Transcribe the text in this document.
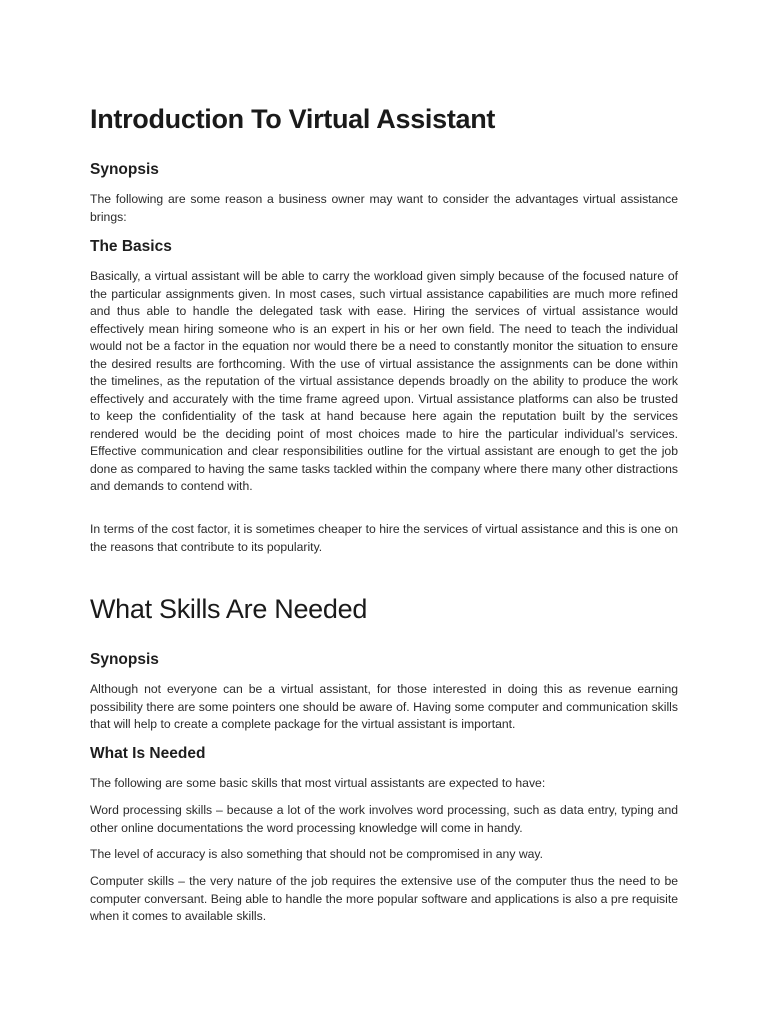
Introduction To Virtual Assistant
Synopsis

The following are some reason a business owner may want to consider the advantages virtual assistance brings:

The Basics

Basically, a virtual assistant will be able to carry the workload given simply because of the focused nature of the particular assignments given. In most cases, such virtual assistance capabilities are much more refined and thus able to handle the delegated task with ease. Hiring the services of virtual assistance would effectively mean hiring someone who is an expert in his or her own field. The need to teach the individual would not be a factor in the equation nor would there be a need to constantly monitor the situation to ensure the desired results are forthcoming. With the use of virtual assistance the assignments can be done within the timelines, as the reputation of the virtual assistance depends broadly on the ability to produce the work effectively and accurately with the time frame agreed upon. Virtual assistance platforms can also be trusted to keep the confidentiality of the task at hand because here again the reputation built by the services rendered would be the deciding point of most choices made to hire the particular individual’s services. Effective communication and clear responsibilities outline for the virtual assistant are enough to get the job done as compared to having the same tasks tackled within the company where there many other distractions and demands to contend with.

In terms of the cost factor, it is sometimes cheaper to hire the services of virtual assistance and this is one on the reasons that contribute to its popularity.

What Skills Are Needed
Synopsis

Although not everyone can be a virtual assistant, for those interested in doing this as revenue earning possibility there are some pointers one should be aware of. Having some computer and communication skills that will help to create a complete package for the virtual assistant is important.

What Is Needed

The following are some basic skills that most virtual assistants are expected to have:

Word processing skills – because a lot of the work involves word processing, such as data entry, typing and other online documentations the word processing knowledge will come in handy.

The level of accuracy is also something that should not be compromised in any way.

Computer skills – the very nature of the job requires the extensive use of the computer thus the need to be computer conversant. Being able to handle the more popular software and applications is also a pre requisite when it comes to available skills.
